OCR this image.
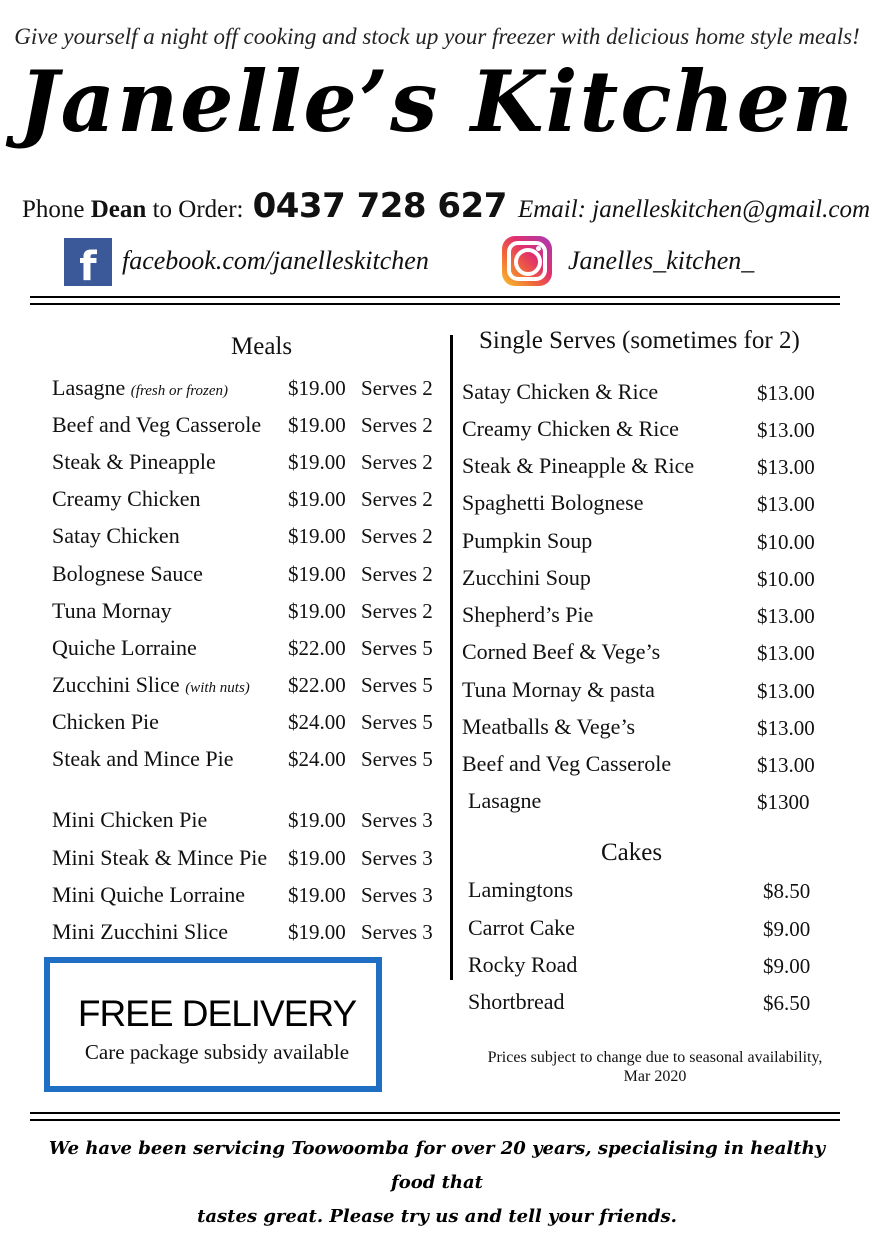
Give yourself a night off cooking and stock up your freezer with delicious home style meals!
Janelle’s Kitchen
Phone Dean to Order: 0437 728 627 Email: janelleskitchen@gmail.com
f facebook.com/janelleskitchen	Janelles_kitchen_
Meals
Lasagne (fresh or frozen)	$19.00 Serves 2
Beef and Veg Casserole $19.00 Serves 2
Steak & Pineapple	$19.00 Serves 2
Creamy Chicken	$19.00 Serves 2
Satay Chicken	$19.00 Serves 2
Bolognese Sauce	$19.00 Serves 2
Tuna Mornay	$19.00 Serves 2
Quiche Lorraine	$22.00 Serves 5
Zucchini Slice (with nuts) $22.00 Serves 5
Chicken Pie	$24.00 Serves 5
Steak and Mince Pie	$24.00 Serves 5
Mini Chicken Pie	$19.00 Serves 3
Mini Steak & Mince Pie $19.00 Serves 3
Mini Quiche Lorraine $19.00 Serves 3
Mini Zucchini Slice	$19.00 Serves 3
Single Serves (sometimes for 2)
Satay Chicken & Rice	$13.00
Creamy Chicken & Rice	$13.00
Steak & Pineapple & Rice	$13.00
Spaghetti Bolognese	$13.00
Pumpkin Soup	$10.00
Zucchini Soup	$10.00
Shepherd’s Pie	$13.00
Corned Beef & Vege’s	$13.00
Tuna Mornay & pasta	$13.00
Meatballs & Vege’s	$13.00
Beef and Veg Casserole	$13.00
Lasagne	$1300
Cakes
Lamingtons	$8.50
Carrot Cake	$9.00
Rocky Road	$9.00
Shortbread	$6.50
FREE DELIVERY
Care package subsidy available	Prices subject to change due to seasonal availability,
Mar 2020
We have been servicing Toowoomba for over 20 years, specialising in healthy food that
tastes great. Please try us and tell your friends.
